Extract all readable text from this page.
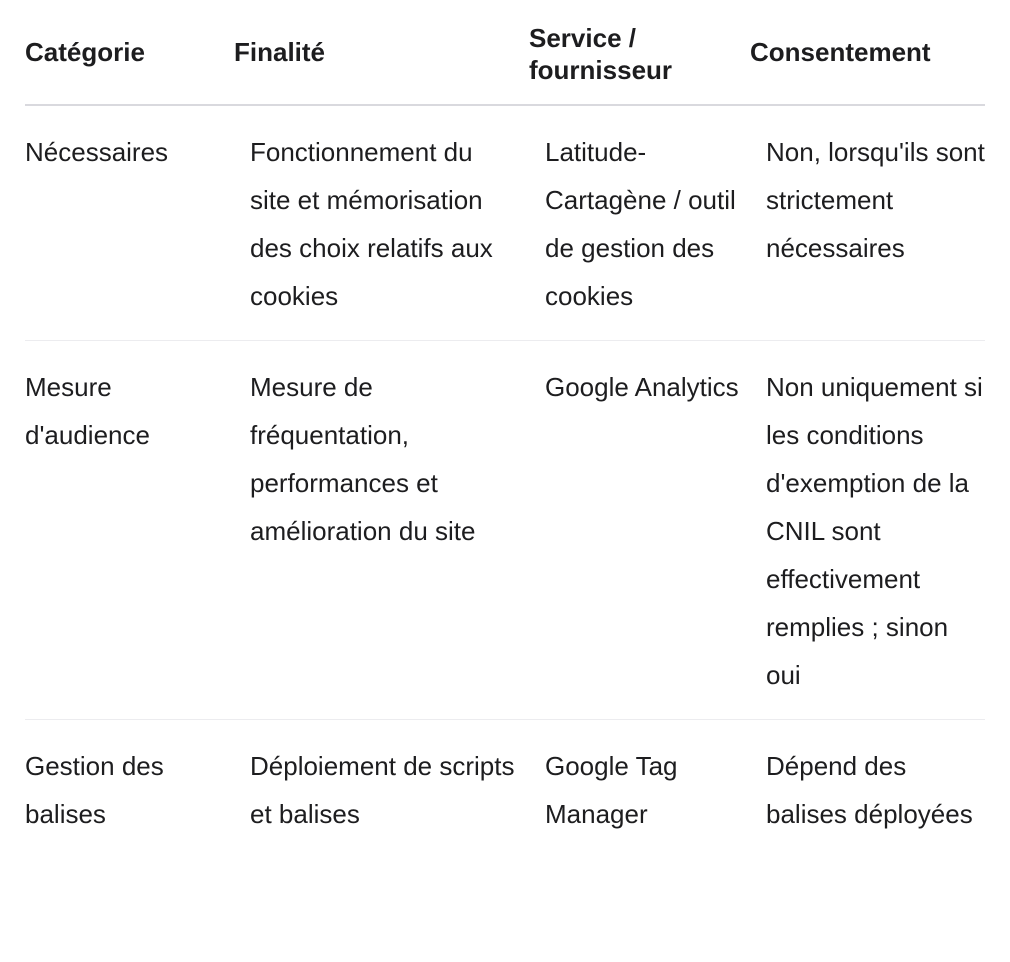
Catégorie	Finalité	Service / fournisseur	Consentement
Nécessaires	Fonctionnement du site et mémorisation des choix relatifs aux cookies	Latitude-Cartagène / outil de gestion des cookies	Non, lorsqu'ils sont strictement nécessaires
Mesure d'audience	Mesure de fréquentation, performances et amélioration du site	Google Analytics	Non uniquement si les conditions d'exemption de la CNIL sont effectivement remplies ; sinon oui
Gestion des balises	Déploiement de scripts et balises	Google Tag Manager	Dépend des balises déployées
